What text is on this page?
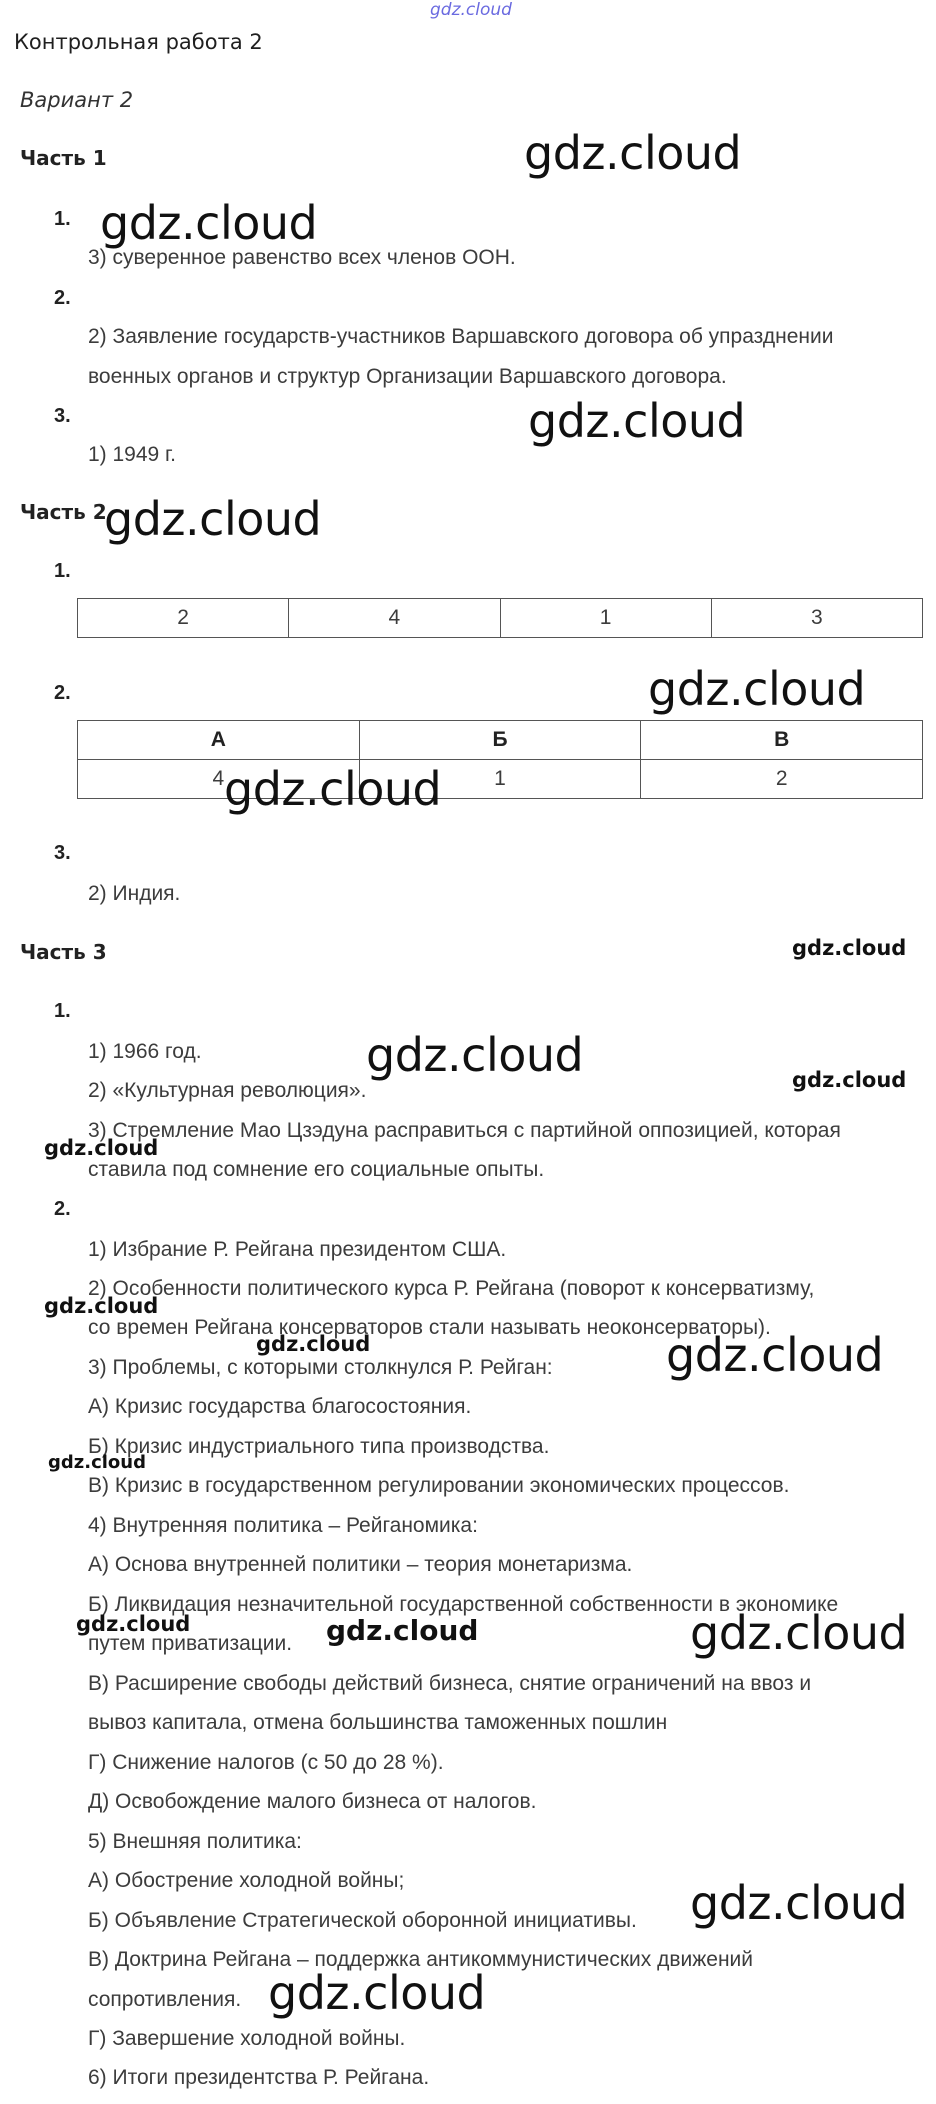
gdz.cloud
Контрольная работа 2
Вариант 2
Часть 1
1.
3) суверенное равенство всех членов ООН.
2.
2) Заявление государств-участников Варшавского договора об упразднении
военных органов и структур Организации Варшавского договора.
3.
1) 1949 г.
Часть 2
1.
2	4	1	3
2.
А	Б	В
4	1	2
3.
2) Индия.
Часть 3
1.
1) 1966 год.
2) «Культурная революция».
3) Стремление Мао Цзэдуна расправиться с партийной оппозицией, которая
ставила под сомнение его социальные опыты.
2.
1) Избрание Р. Рейгана президентом США.
2) Особенности политического курса Р. Рейгана (поворот к консерватизму,
со времен Рейгана консерваторов стали называть неоконсерваторы).
3) Проблемы, с которыми столкнулся Р. Рейган:
А) Кризис государства благосостояния.
Б) Кризис индустриального типа производства.
В) Кризис в государственном регулировании экономических процессов.
4) Внутренняя политика – Рейганомика:
А) Основа внутренней политики – теория монетаризма.
Б) Ликвидация незначительной государственной собственности в экономике
путем приватизации.
В) Расширение свободы действий бизнеса, снятие ограничений на ввоз и
вывоз капитала, отмена большинства таможенных пошлин
Г) Снижение налогов (с 50 до 28 %).
Д) Освобождение малого бизнеса от налогов.
5) Внешняя политика:
А) Обострение холодной войны;
Б) Объявление Стратегической оборонной инициативы.
В) Доктрина Рейгана – поддержка антикоммунистических движений
сопротивления.
Г) Завершение холодной войны.
6) Итоги президентства Р. Рейгана.
gdz.cloud
gdz.cloud
gdz.cloud
gdz.cloud
gdz.cloud
gdz.cloud
gdz.cloud
gdz.cloud	gdz.cloud
gdz.cloud
gdz.cloud
gdz.cloud	gdz.cloud
gdz.cloud
gdz.cloud	gdz.cloud	gdz.cloud
gdz.cloud
gdz.cloud
